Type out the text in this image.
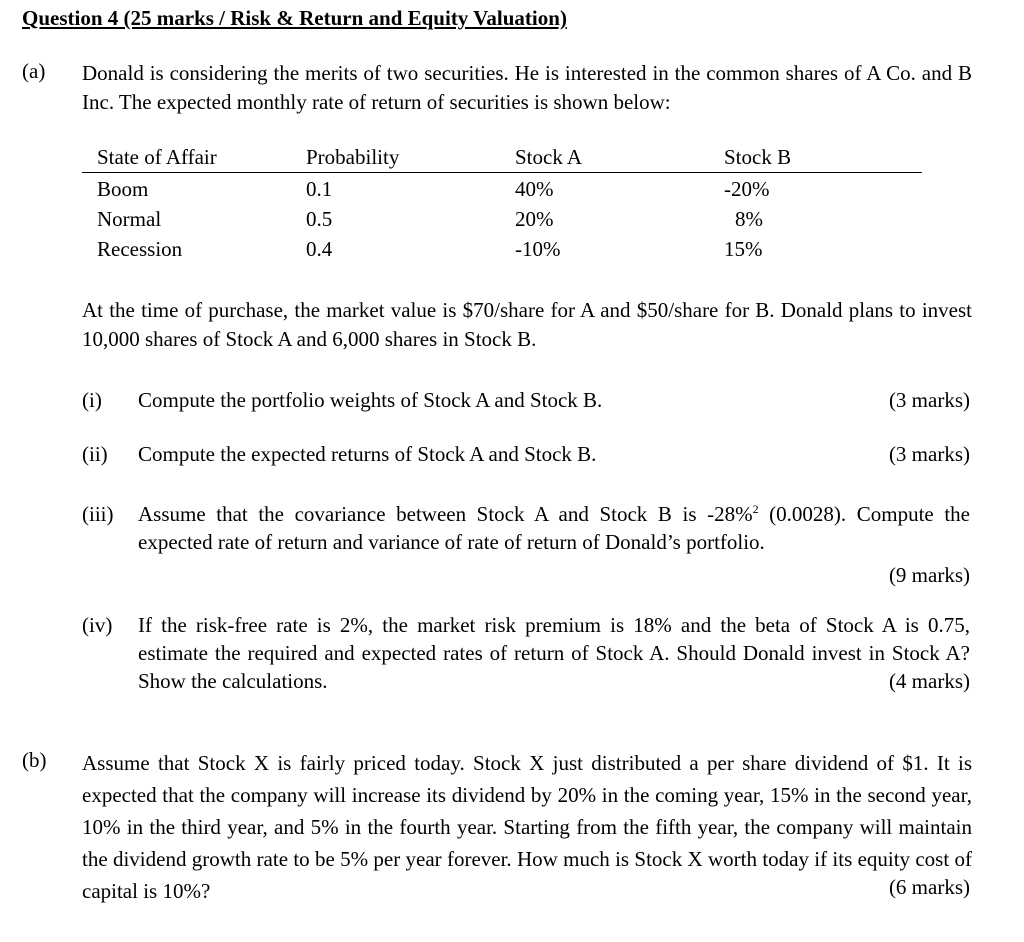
Question 4 (25 marks / Risk & Return and Equity Valuation)
(a) Donald is considering the merits of two securities. He is interested in the common shares of A Co. and B Inc. The expected monthly rate of return of securities is shown below:
State of Affair	Probability	Stock A	Stock B
Boom	0.1	40%	-20%
Normal	0.5	20%	8%
Recession	0.4	-10%	15%
At the time of purchase, the market value is $70/share for A and $50/share for B. Donald plans to invest 10,000 shares of Stock A and 6,000 shares in Stock B.
(i) Compute the portfolio weights of Stock A and Stock B.	(3 marks)
(ii) Compute the expected returns of Stock A and Stock B.	(3 marks)
(iii) Assume that the covariance between Stock A and Stock B is -28%$^2$ (0.0028). Compute the expected rate of return and variance of rate of return of Donald’s portfolio.
(9 marks)
(iv) If the risk-free rate is 2%, the market risk premium is 18% and the beta of Stock A is 0.75, estimate the required and expected rates of return of Stock A. Should Donald invest in Stock A? Show the calculations.	(4 marks)
(b) Assume that Stock X is fairly priced today. Stock X just distributed a per share dividend of $1. It is expected that the company will increase its dividend by 20% in the coming year, 15% in the second year, 10% in the third year, and 5% in the fourth year. Starting from the fifth year, the company will maintain the dividend growth rate to be 5% per year forever. How much is Stock X worth today if its equity cost of capital is 10%?	(6 marks)
